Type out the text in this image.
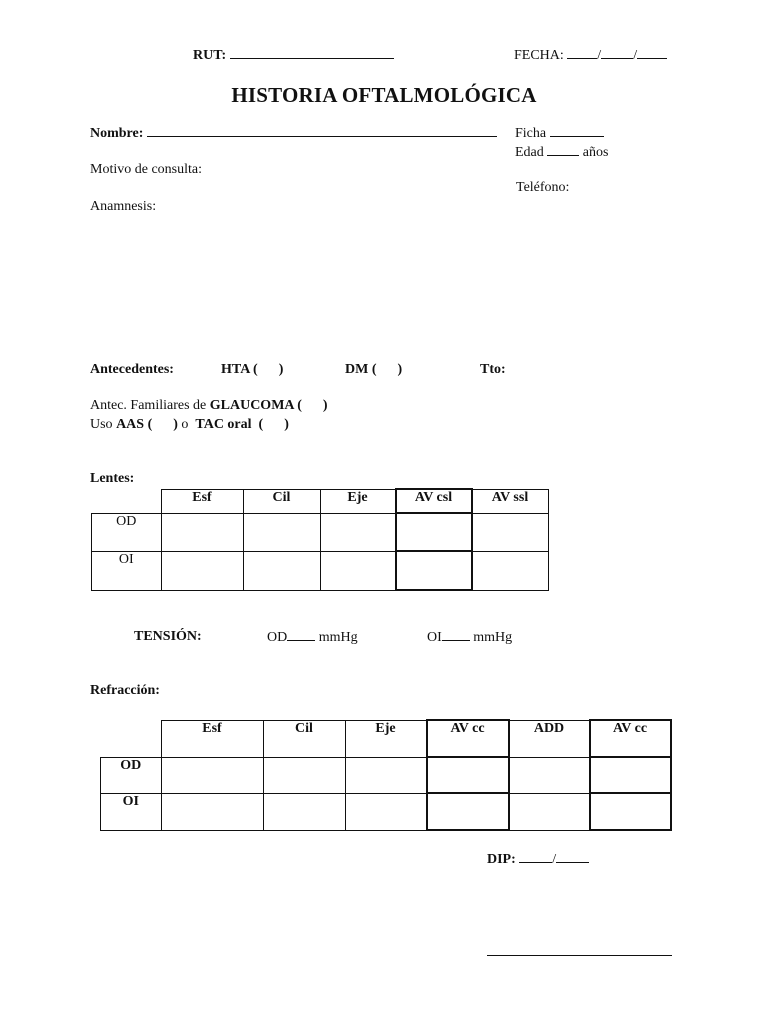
RUT:	FECHA: / /
HISTORIA OFTALMOLÓGICA
Nombre:	Ficha
Edad	años
Motivo de consulta:
Teléfono:
Anamnesis:
Antecedentes:	HTA (      )	DM (      )	Tto:
Antec. Familiares de GLAUCOMA (      )
Uso AAS (      ) o TAC oral  (      )
Lentes:
	Esf	Cil	Eje	AV csl	AV ssl
OD					
OI					
TENSIÓN:	OD mmHg	OI mmHg
Refracción:
	Esf	Cil	Eje	AV cc	ADD	AV cc
OD						
OI						
DIP:	/
